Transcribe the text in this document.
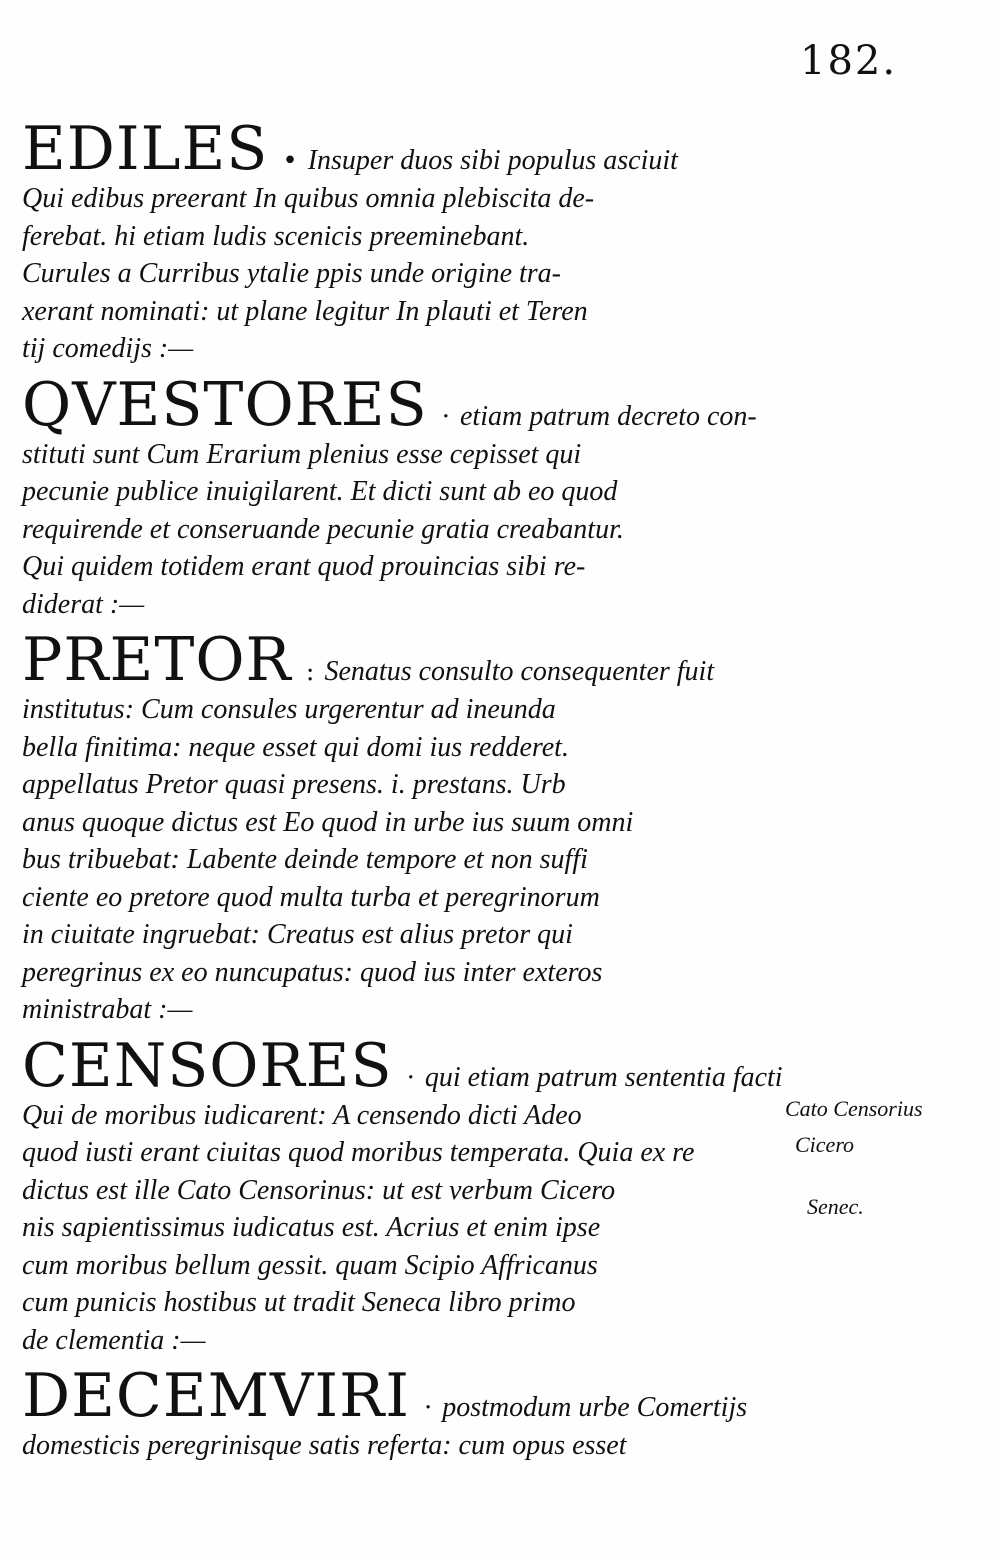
182.
EDILES • Insuper duos sibi populus asciuit
Qui edibus preerant In quibus omnia plebiscita de-
ferebat. hi etiam ludis scenicis preeminebant.
Curules a Curribus ytalie ppis unde origine tra-
xerant nominati: ut plane legitur In plauti et Teren
tij comedijs :—
QVESTORES · etiam patrum decreto con-
stituti sunt Cum Erarium plenius esse cepisset qui
pecunie publice inuigilarent. Et dicti sunt ab eo quod
requirende et conseruande pecunie gratia creabantur.
Qui quidem totidem erant quod prouincias sibi re-
diderat :—
PRETOR : Senatus consulto consequenter fuit
institutus: Cum consules urgerentur ad ineunda
bella finitima: neque esset qui domi ius redderet.
appellatus Pretor quasi presens. i. prestans. Urb
anus quoque dictus est Eo quod in urbe ius suum omni
bus tribuebat: Labente deinde tempore et non suffi
ciente eo pretore quod multa turba et peregrinorum
in ciuitate ingruebat: Creatus est alius pretor qui
peregrinus ex eo nuncupatus: quod ius inter exteros
ministrabat :—
CENSORES · qui etiam patrum sententia facti
Qui de moribus iudicarent: A censendo dicti Adeo
quod iusti erant ciuitas quod moribus temperata. Quia ex re
dictus est ille Cato Censorinus: ut est verbum Cicero
nis sapientissimus iudicatus est. Acrius et enim ipse
cum moribus bellum gessit. quam Scipio Affricanus
cum punicis hostibus ut tradit Seneca libro primo
de clementia :—
DECEMVIRI · postmodum urbe Comertijs
domesticis peregrinisque satis referta: cum opus esset
Cato Censorius
Cicero
Senec.
